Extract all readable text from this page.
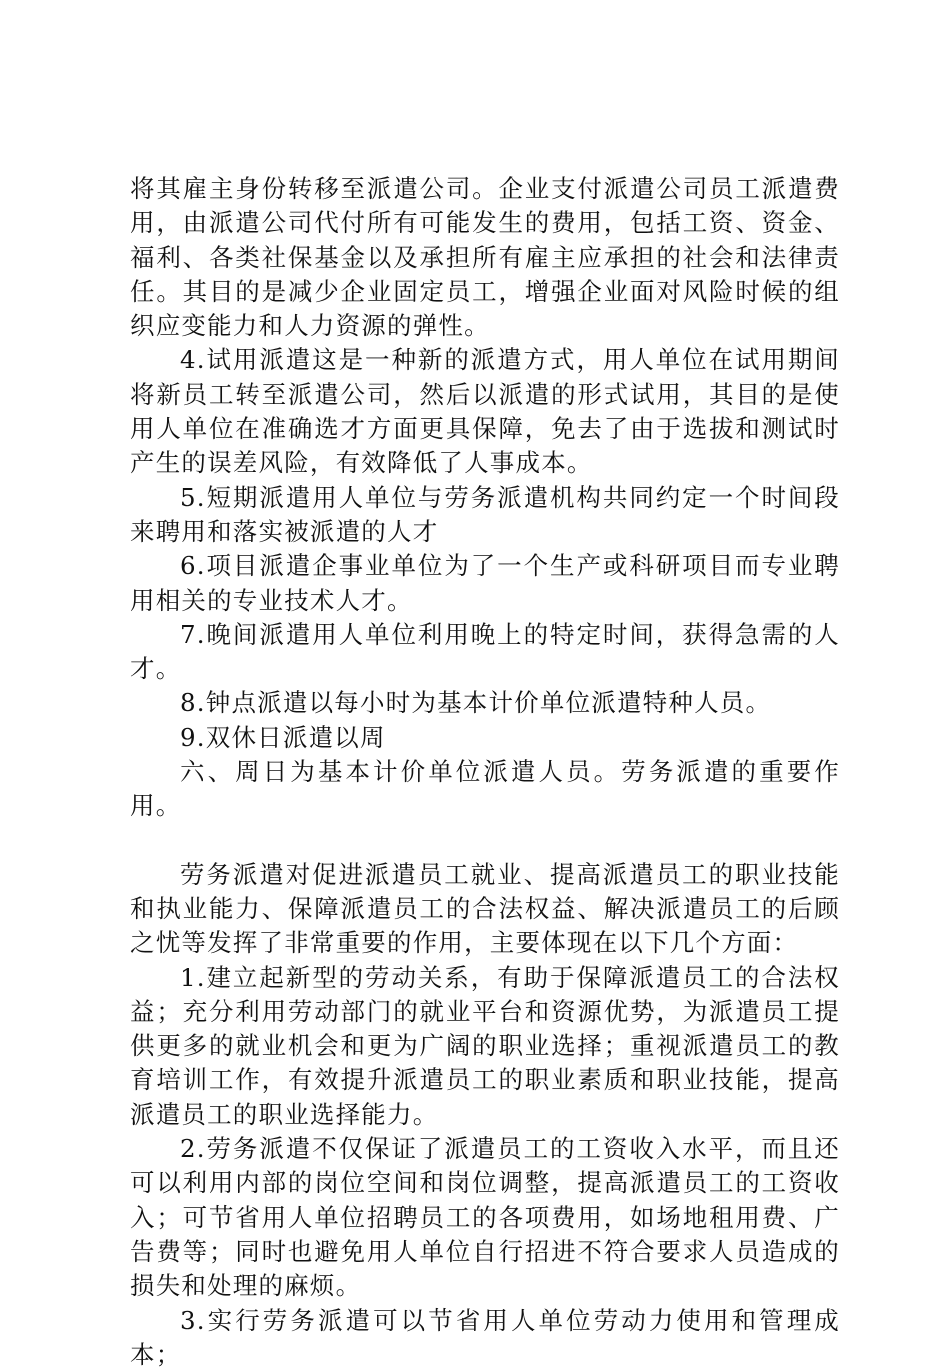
将其雇主身份转移至派遣公司。企业支付派遣公司员工派遣费用，由派遣公司代付所有可能发生的费用，包括工资、资金、福利、各类社保基金以及承担所有雇主应承担的社会和法律责任。其目的是减少企业固定员工，增强企业面对风险时候的组织应变能力和人力资源的弹性。

4.试用派遣这是一种新的派遣方式，用人单位在试用期间将新员工转至派遣公司，然后以派遣的形式试用，其目的是使用人单位在准确选才方面更具保障，免去了由于选拔和测试时产生的误差风险，有效降低了人事成本。

5.短期派遣用人单位与劳务派遣机构共同约定一个时间段来聘用和落实被派遣的人才

6.项目派遣企事业单位为了一个生产或科研项目而专业聘用相关的专业技术人才。

7.晚间派遣用人单位利用晚上的特定时间，获得急需的人才。

8.钟点派遣以每小时为基本计价单位派遣特种人员。

9.双休日派遣以周

六、周日为基本计价单位派遣人员。劳务派遣的重要作用。

劳务派遣对促进派遣员工就业、提高派遣员工的职业技能和执业能力、保障派遣员工的合法权益、解决派遣员工的后顾之忧等发挥了非常重要的作用，主要体现在以下几个方面：

1.建立起新型的劳动关系，有助于保障派遣员工的合法权益；充分利用劳动部门的就业平台和资源优势，为派遣员工提供更多的就业机会和更为广阔的职业选择；重视派遣员工的教育培训工作，有效提升派遣员工的职业素质和职业技能，提高派遣员工的职业选择能力。

2.劳务派遣不仅保证了派遣员工的工资收入水平，而且还可以利用内部的岗位空间和岗位调整，提高派遣员工的工资收入；可节省用人单位招聘员工的各项费用，如场地租用费、广告费等；同时也避免用人单位自行招进不符合要求人员造成的损失和处理的麻烦。

3.实行劳务派遣可以节省用人单位劳动力使用和管理成本；
